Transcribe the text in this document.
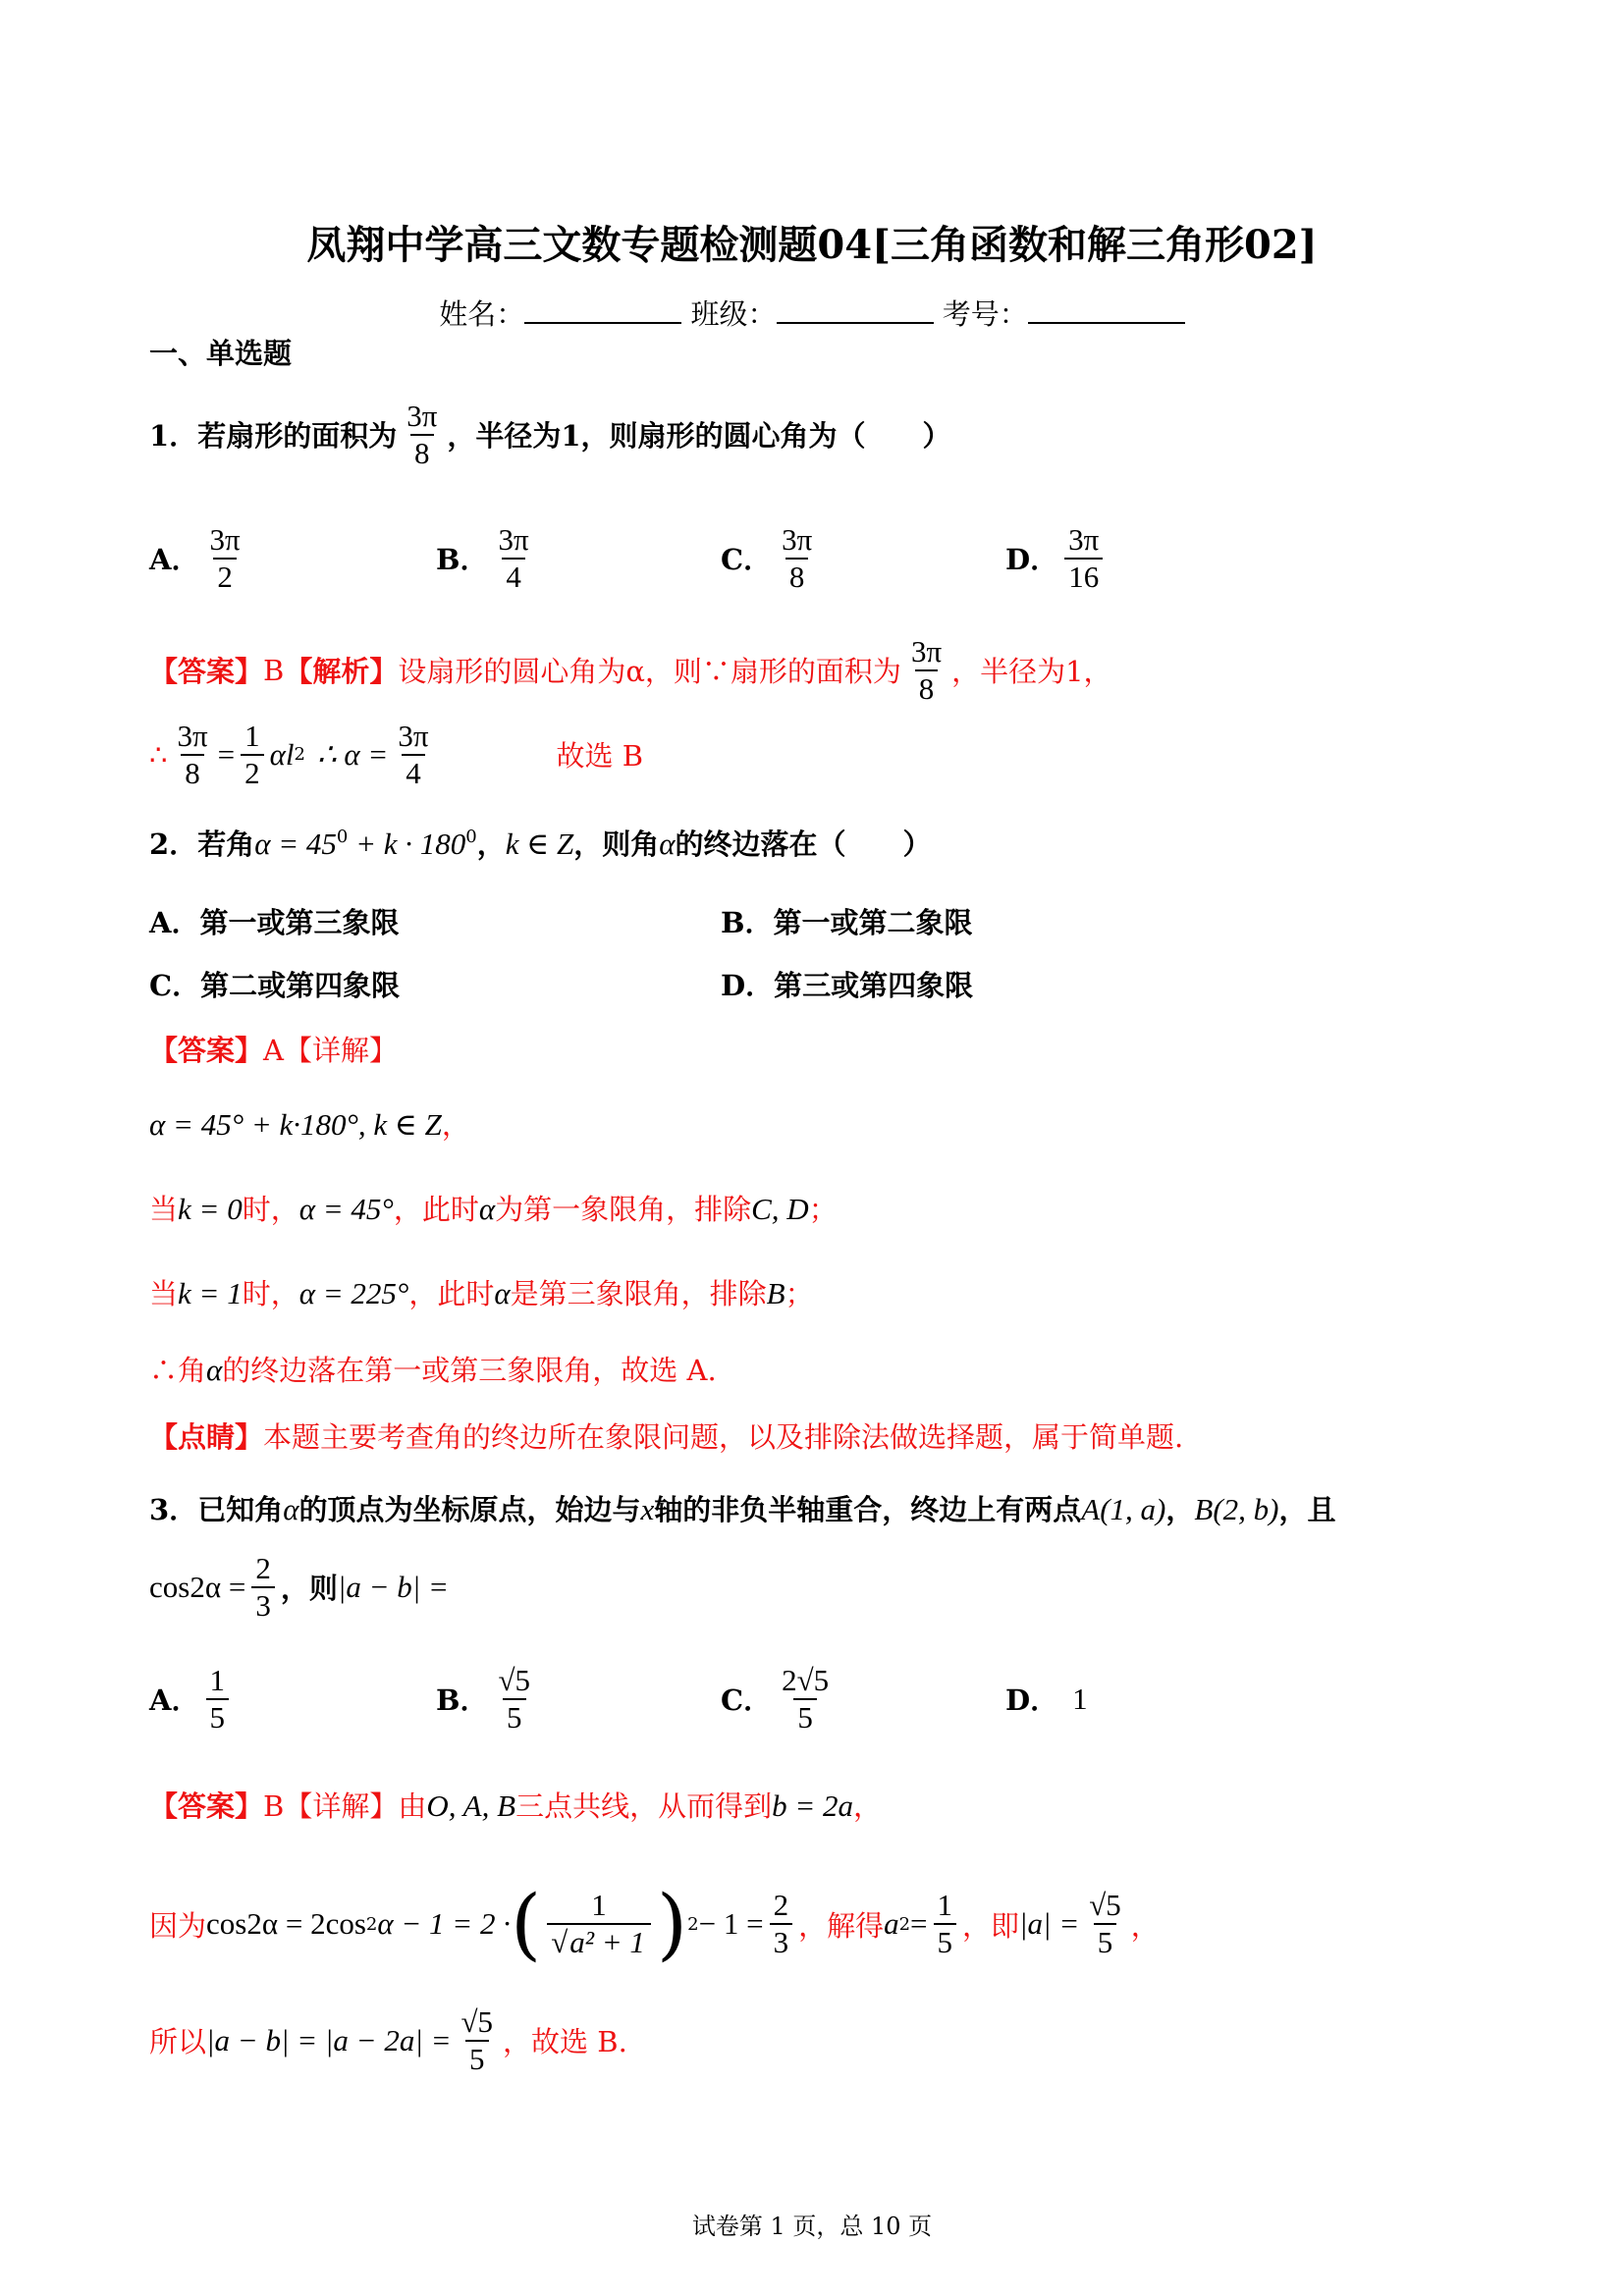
凤翔中学高三文数专题检测题04[三角函数和解三角形02]
姓名：	班级：	考号：
一、单选题
1． 若扇形的面积为 $\frac{3\pi}{8}$ ，半径为1，则扇形的圆心角为（　　）
A． $\frac{3\pi}{2}$	B． $\frac{3\pi}{4}$	C． $\frac{3\pi}{8}$	D． $\frac{3\pi}{16}$
【答案】 B 【解析】 设扇形的圆心角为α，则∵扇形的面积为 $\frac{3\pi}{8}$ ，半径为1，
∴ $\frac{3\pi}{8} = \frac{1}{2}$ αl 2 ∴ $\alpha = \frac{3\pi}{4}$	故选 B
2．若角$\alpha = 45^0 + k \cdot 180^0$，k ∈ Z，则角α的终边落在（　　）
A．第一或第三象限	B．第一或第二象限
C．第二或第四象限	D．第三或第四象限
【答案】A【详解】
α = 45° + k·180°, k ∈ Z，
当k = 0时，α = 45°，此时α为第一象限角，排除C, D；
当k = 1时，α = 225°，此时α是第三象限角，排除B；
∴角α的终边落在第一或第三象限角，故选 A.
【点睛】本题主要考查角的终边所在象限问题，以及排除法做选择题，属于简单题.
3．已知角α的顶点为坐标原点，始边与x轴的非负半轴重合，终边上有两点A(1, a)，B(2, b)，且
$\cos 2\alpha = \frac{2}{3}$ ，则 |a − b| =
A． $\frac{1}{5}$	B． $\frac{√5}{5}$	C． $\frac{2√5}{5}$	D． 1
【答案】B【详解】由O, A, B三点共线，从而得到b = 2a，
因为 cos2α = 2cos 2 α − 1 = 2 · ( $\frac{1}{\text{√a² + 1}}$ ) $2 - 1 = \frac{2}{3}$ ，解得 a $2 = \frac{1}{5}$ ，即 $|a| = \frac{√5}{5}$ ，
所以 $|a - b| = |a - 2a| = \frac{√5}{5}$ ，故选 B.
试卷第 1 页，总 10 页
